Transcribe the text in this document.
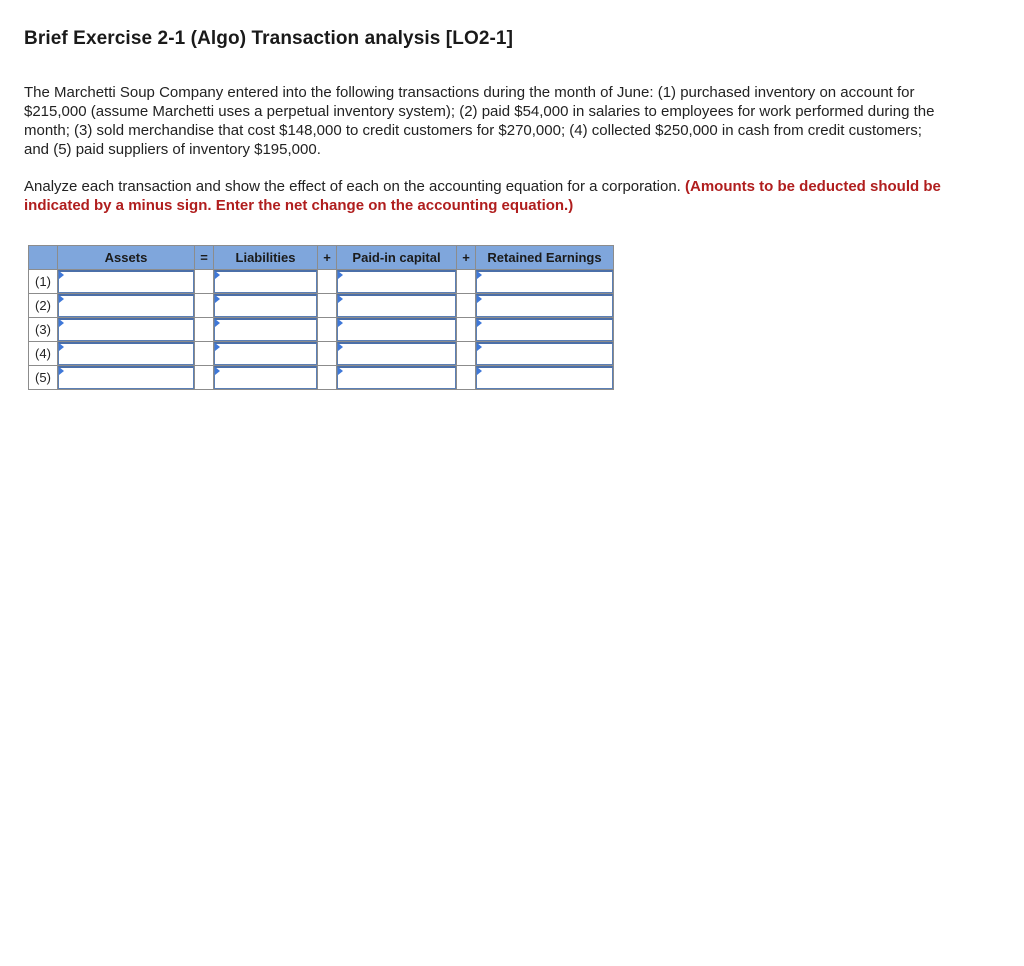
Brief Exercise 2-1 (Algo) Transaction analysis [LO2-1]

The Marchetti Soup Company entered into the following transactions during the month of June: (1) purchased inventory on account for $215,000 (assume Marchetti uses a perpetual inventory system); (2) paid $54,000 in salaries to employees for work performed during the month; (3) sold merchandise that cost $148,000 to credit customers for $270,000; (4) collected $250,000 in cash from credit customers; and (5) paid suppliers of inventory $195,000.

Analyze each transaction and show the effect of each on the accounting equation for a corporation. (Amounts to be deducted should be indicated by a minus sign. Enter the net change on the accounting equation.)

	Assets	=	Liabilities	+	Paid-in capital	+	Retained Earnings
(1)	

(2)	

(3)	

(4)	

(5)	
